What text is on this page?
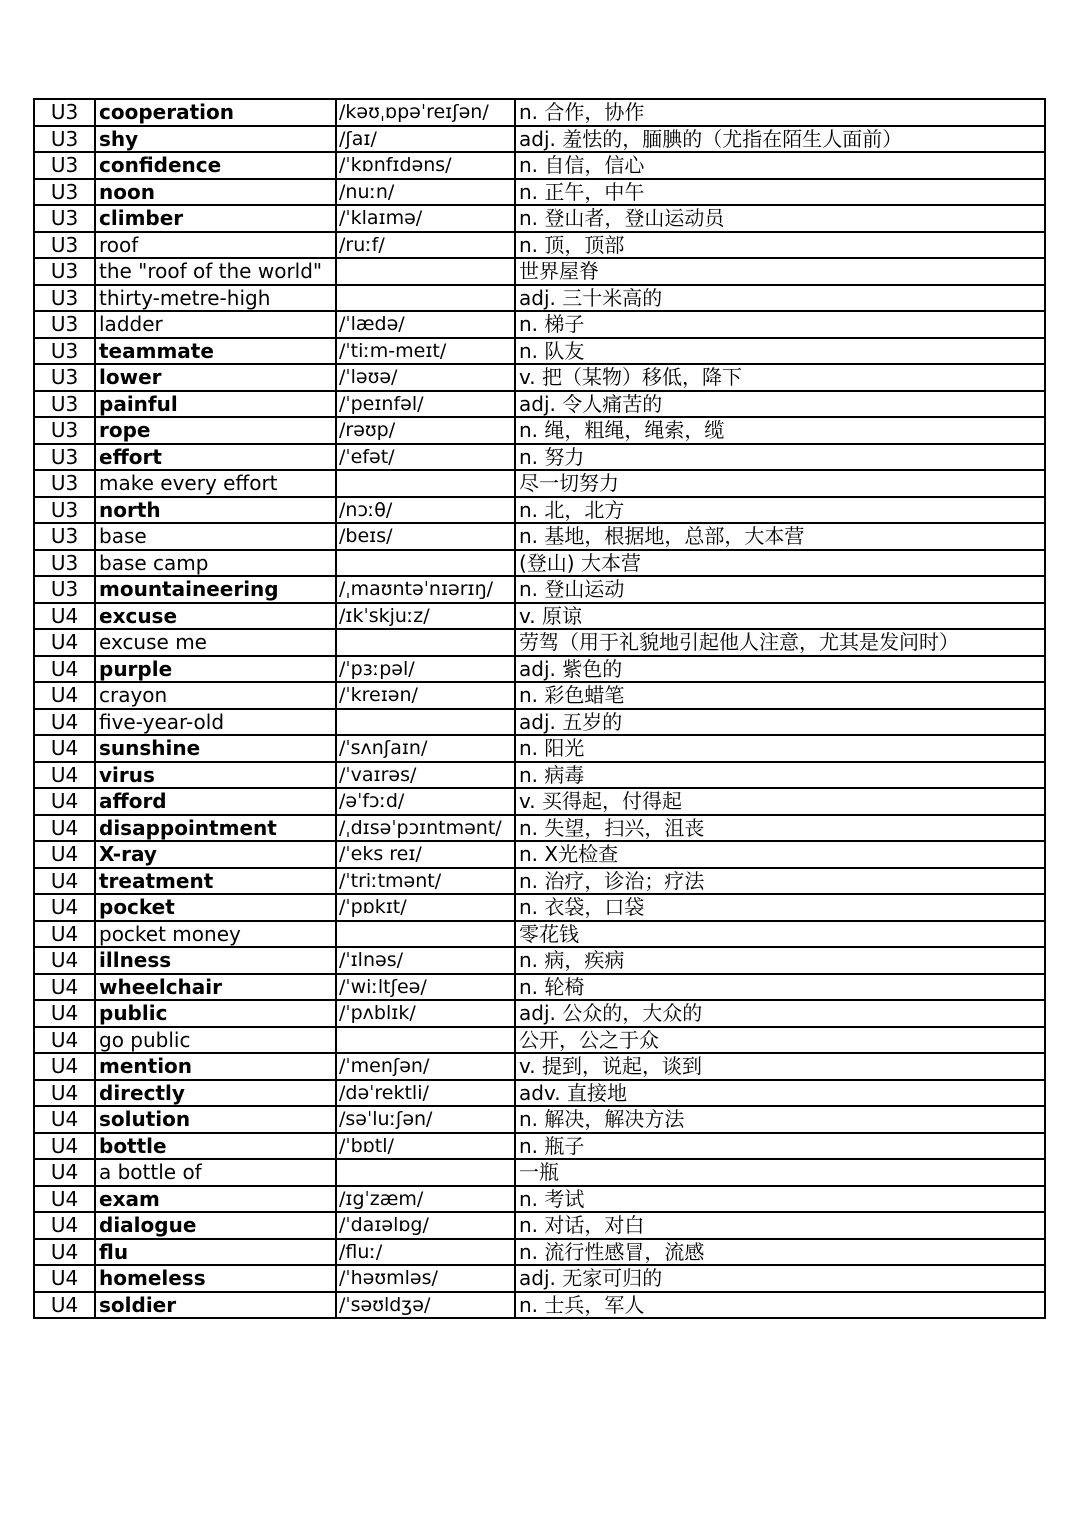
U3	cooperation	/kəʊˌɒpəˈreɪʃən/	n. 合作，协作
U3	shy	/ʃaɪ/	adj. 羞怯的，腼腆的（尤指在陌生人面前）
U3	confidence	/ˈkɒnfɪdəns/	n. 自信，信心
U3	noon	/nuːn/	n. 正午，中午
U3	climber	/ˈklaɪmə/	n. 登山者，登山运动员
U3	roof	/ruːf/	n. 顶，顶部
U3	the "roof of the world"		世界屋脊
U3	thirty-metre-high		adj. 三十米高的
U3	ladder	/ˈlædə/	n. 梯子
U3	teammate	/ˈtiːm-meɪt/	n. 队友
U3	lower	/ˈləʊə/	v. 把（某物）移低，降下
U3	painful	/ˈpeɪnfəl/	adj. 令人痛苦的
U3	rope	/rəʊp/	n. 绳，粗绳，绳索，缆
U3	effort	/ˈefət/	n. 努力
U3	make every effort		尽一切努力
U3	north	/nɔːθ/	n. 北，北方
U3	base	/beɪs/	n. 基地，根据地，总部，大本营
U3	base camp		(登山) 大本营
U3	mountaineering	/ˌmaʊntəˈnɪərɪŋ/	n. 登山运动
U4	excuse	/ɪkˈskjuːz/	v. 原谅
U4	excuse me		劳驾（用于礼貌地引起他人注意，尤其是发问时）
U4	purple	/ˈpɜːpəl/	adj. 紫色的
U4	crayon	/ˈkreɪən/	n. 彩色蜡笔
U4	five-year-old		adj. 五岁的
U4	sunshine	/ˈsʌnʃaɪn/	n. 阳光
U4	virus	/ˈvaɪrəs/	n. 病毒
U4	afford	/əˈfɔːd/	v. 买得起，付得起
U4	disappointment	/ˌdɪsəˈpɔɪntmənt/	n. 失望，扫兴，沮丧
U4	X-ray	/ˈeks reɪ/	n. X光检查
U4	treatment	/ˈtriːtmənt/	n. 治疗，诊治；疗法
U4	pocket	/ˈpɒkɪt/	n. 衣袋，口袋
U4	pocket money		零花钱
U4	illness	/ˈɪlnəs/	n. 病，疾病
U4	wheelchair	/ˈwiːltʃeə/	n. 轮椅
U4	public	/ˈpʌblɪk/	adj. 公众的，大众的
U4	go public		公开，公之于众
U4	mention	/ˈmenʃən/	v. 提到，说起，谈到
U4	directly	/dəˈrektli/	adv. 直接地
U4	solution	/səˈluːʃən/	n. 解决，解决方法
U4	bottle	/ˈbɒtl/	n. 瓶子
U4	a bottle of		一瓶
U4	exam	/ɪgˈzæm/	n. 考试
U4	dialogue	/ˈdaɪəlɒg/	n. 对话，对白
U4	flu	/fluː/	n. 流行性感冒，流感
U4	homeless	/ˈhəʊmləs/	adj. 无家可归的
U4	soldier	/ˈsəʊldʒə/	n. 士兵，军人
